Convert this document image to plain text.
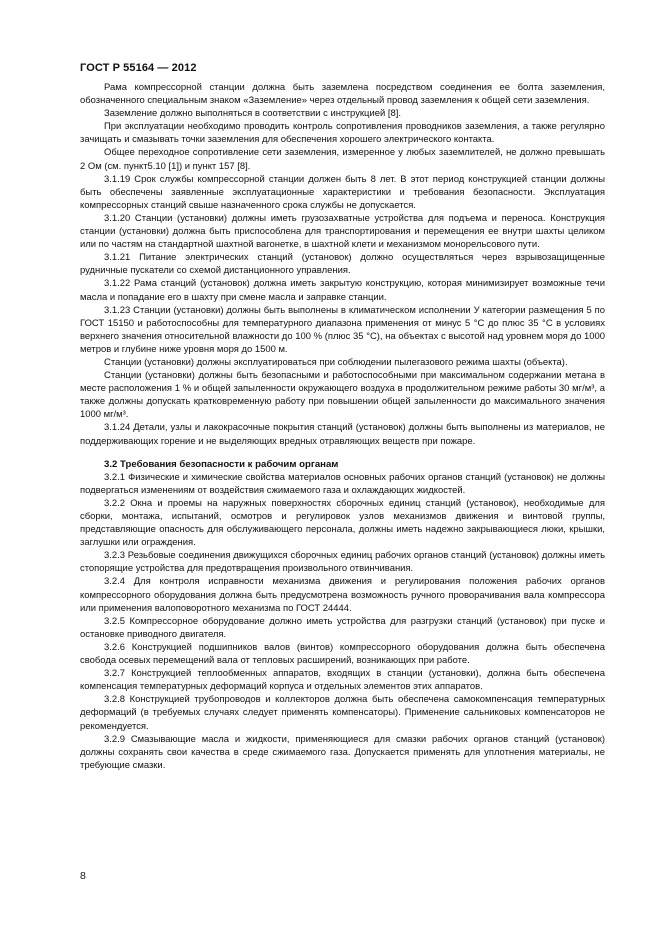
ГОСТ Р 55164 — 2012

Рама компрессорной станции должна быть заземлена посредством соединения ее болта заземления, обозначенного специальным знаком «Заземление» через отдельный провод заземления к общей сети заземления.

Заземление должно выполняться в соответствии с инструкцией [8].

При эксплуатации необходимо проводить контроль сопротивления проводников заземления, а также регулярно зачищать и смазывать точки заземления для обеспечения хорошего электрического контакта.

Общее переходное сопротивление сети заземления, измеренное у любых заземлителей, не должно превышать 2 Ом (см. пункт5.10 [1]) и пункт 157 [8].

3.1.19 Срок службы компрессорной станции должен быть 8 лет. В этот период конструкцией станции должны быть обеспечены заявленные эксплуатационные характеристики и требования безопасности. Эксплуатация компрессорных станций свыше назначенного срока службы не допускается.

3.1.20 Станции (установки) должны иметь грузозахватные устройства для подъема и переноса. Конструкция станции (установки) должна быть приспособлена для транспортирования и перемещения ее внутри шахты целиком или по частям на стандартной шахтной вагонетке, в шахтной клети и механизмом монорельсового пути.

3.1.21 Питание электрических станций (установок) должно осуществляться через взрывозащищенные рудничные пускатели со схемой дистанционного управления.

3.1.22 Рама станций (установок) должна иметь закрытую конструкцию, которая минимизирует возможные течи масла и попадание его в шахту при смене масла и заправке станции.

3.1.23 Станции (установки) должны быть выполнены в климатическом исполнении У категории размещения 5 по ГОСТ 15150 и работоспособны для температурного диапазона применения от минус 5 °С до плюс 35 °С в условиях верхнего значения относительной влажности до 100 % (плюс 35 °С), на объектах с высотой над уровнем моря до 1000 метров и глубине ниже уровня моря до 1500 м.

Станции (установки) должны эксплуатироваться при соблюдении пылегазового режима шахты (объекта).

Станции (установки) должны быть безопасными и работоспособными при максимальном содержании метана в месте расположения 1 % и общей запыленности окружающего воздуха в продолжительном режиме работы 30 мг/м³, а также должны допускать кратковременную работу при повышении общей запыленности до максимального значения 1000 мг/м³.

3.1.24 Детали, узлы и лакокрасочные покрытия станций (установок) должны быть выполнены из материалов, не поддерживающих горение и не выделяющих вредных отравляющих веществ при пожаре.

3.2 Требования безопасности к рабочим органам

3.2.1 Физические и химические свойства материалов основных рабочих органов станций (установок) не должны подвергаться изменениям от воздействия сжимаемого газа и охлаждающих жидкостей.

3.2.2 Окна и проемы на наружных поверхностях сборочных единиц станций (установок), необходимые для сборки, монтажа, испытаний, осмотров и регулировок узлов механизмов движения и винтовой группы, представляющие опасность для обслуживающего персонала, должны иметь надежно закрывающиеся люки, крышки, заглушки или ограждения.

3.2.3 Резьбовые соединения движущихся сборочных единиц рабочих органов станций (установок) должны иметь стопорящие устройства для предотвращения произвольного отвинчивания.

3.2.4 Для контроля исправности механизма движения и регулирования положения рабочих органов компрессорного оборудования должна быть предусмотрена возможность ручного проворачивания вала компрессора или применения валоповоротного механизма по ГОСТ 24444.

3.2.5 Компрессорное оборудование должно иметь устройства для разгрузки станций (установок) при пуске и остановке приводного двигателя.

3.2.6 Конструкцией подшипников валов (винтов) компрессорного оборудования должна быть обеспечена свобода осевых перемещений вала от тепловых расширений, возникающих при работе.

3.2.7 Конструкцией теплообменных аппаратов, входящих в станции (установки), должна быть обеспечена компенсация температурных деформаций корпуса и отдельных элементов этих аппаратов.

3.2.8 Конструкцией трубопроводов и коллекторов должна быть обеспечена самокомпенсация температурных деформаций (в требуемых случаях следует применять компенсаторы). Применение сальниковых компенсаторов не рекомендуется.

3.2.9 Смазывающие масла и жидкости, применяющиеся для смазки рабочих органов станций (установок) должны сохранять свои качества в среде сжимаемого газа. Допускается применять для уплотнения материалы, не требующие смазки.

8
